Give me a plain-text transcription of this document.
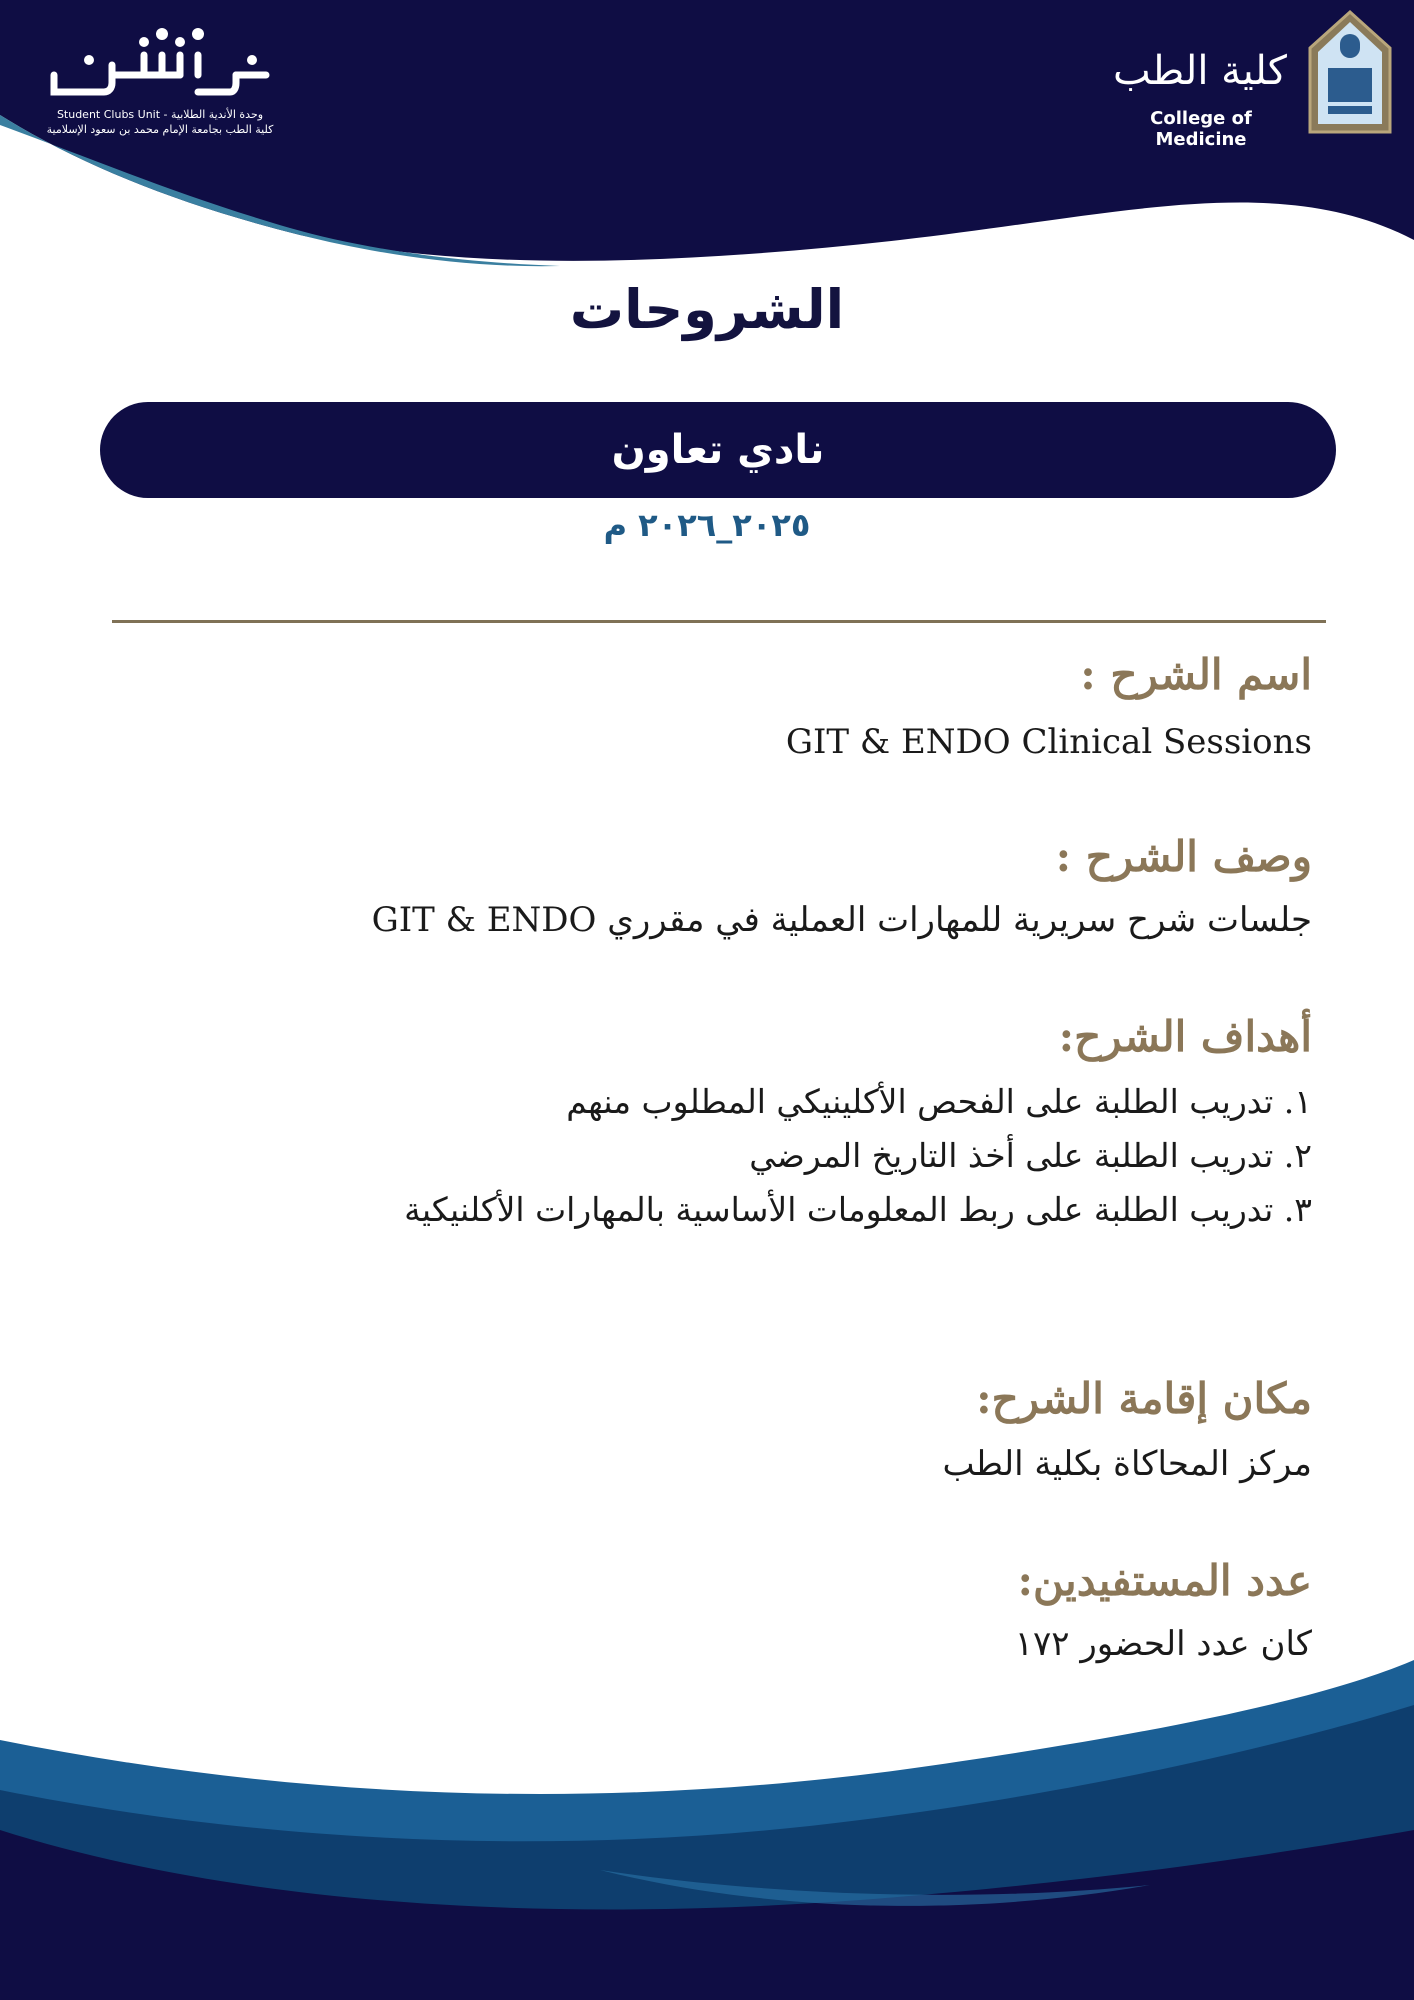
Student Clubs Unit - وحدة الأندية الطلابية
كلية الطب بجامعة الإمام محمد بن سعود الإسلامية
كلية الطب
College of Medicine
الشروحات
نادي تعاون
٢٠٢٥_٢٠٢٦ م
اسم الشرح :
GIT & ENDO Clinical Sessions
وصف الشرح :
جلسات شرح سريرية للمهارات العملية في مقرري GIT & ENDO
أهداف الشرح:
١. تدريب الطلبة على الفحص الأكلينيكي المطلوب منهم
٢. تدريب الطلبة على أخذ التاريخ المرضي
٣. تدريب الطلبة على ربط المعلومات الأساسية بالمهارات الأكلنيكية
مكان إقامة الشرح:
مركز المحاكاة بكلية الطب
عدد المستفيدين:
كان عدد الحضور ١٧٢
